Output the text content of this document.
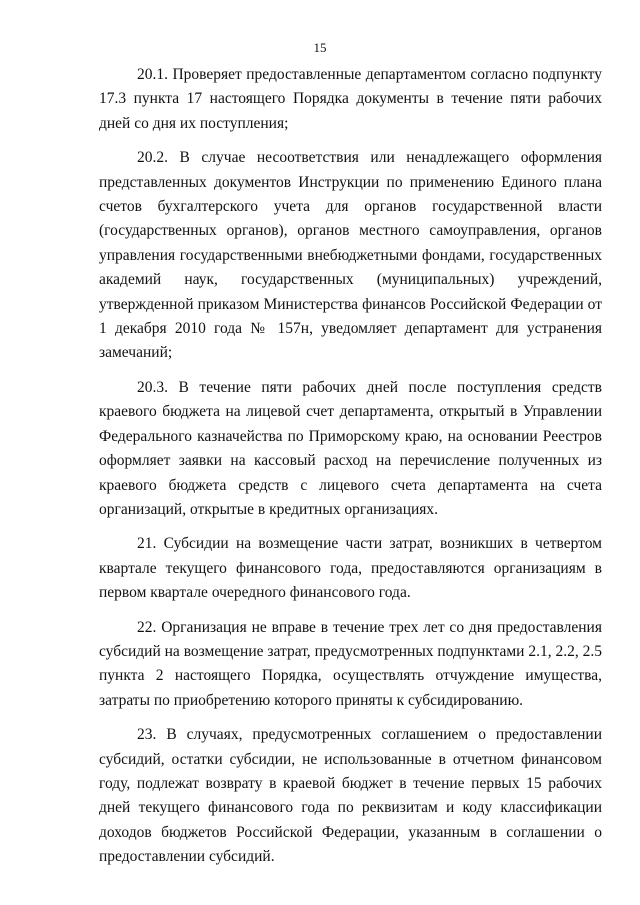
15

20.1. Проверяет предоставленные департаментом согласно подпункту 17.3 пункта 17 настоящего Порядка документы в течение пяти рабочих дней со дня их поступления;

20.2. В случае несоответствия или ненадлежащего оформления представленных документов Инструкции по применению Единого плана счетов бухгалтерского учета для органов государственной власти (государственных органов), органов местного самоуправления, органов управления государственными внебюджетными фондами, государственных академий наук, государственных (муниципальных) учреждений, утвержденной приказом Министерства финансов Российской Федерации от 1 декабря 2010 года № 157н, уведомляет департамент для устранения замечаний;

20.3. В течение пяти рабочих дней после поступления средств краевого бюджета на лицевой счет департамента, открытый в Управлении Федерального казначейства по Приморскому краю, на основании Реестров оформляет заявки на кассовый расход на перечисление полученных из краевого бюджета средств с лицевого счета департамента на счета организаций, открытые в кредитных организациях.

21. Субсидии на возмещение части затрат, возникших в четвертом квартале текущего финансового года, предоставляются организациям в первом квартале очередного финансового года.

22. Организация не вправе в течение трех лет со дня предоставления субсидий на возмещение затрат, предусмотренных подпунктами 2.1, 2.2, 2.5 пункта 2 настоящего Порядка, осуществлять отчуждение имущества, затраты по приобретению которого приняты к субсидированию.

23. В случаях, предусмотренных соглашением о предоставлении субсидий, остатки субсидии, не использованные в отчетном финансовом году, подлежат возврату в краевой бюджет в течение первых 15 рабочих дней текущего финансового года по реквизитам и коду классификации доходов бюджетов Российской Федерации, указанным в соглашении о предоставлении субсидий.
